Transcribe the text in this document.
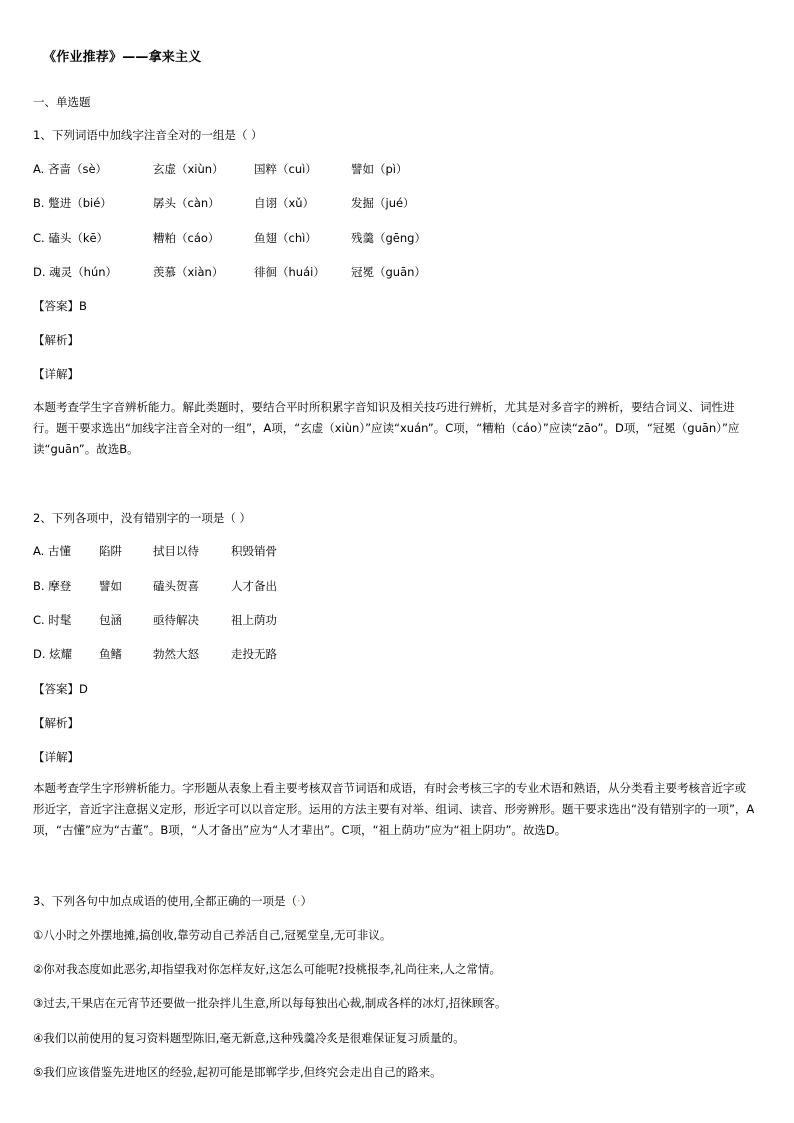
《作业推荐》——拿来主义
一、单选题
1、下列词语中加线字注音全对的一组是（ ）
A. 吝啬（sè）	玄虚（xiùn）	国粹（cuì）	譬如（pì）
B. 蹩进（bié）	孱头（càn）	自诩（xǔ）	发掘（jué）
C. 磕头（kē）	糟粕（cáo）	鱼翅（chì）	残羹（gēng）
D. 魂灵（hún）	羡慕（xiàn）	徘徊（huái） 冠冕（guān）
【答案】B
【解析】
【详解】

本题考查学生字音辨析能力。解此类题时，要结合平时所积累字音知识及相关技巧进行辨析，尤其是对多音字的辨析，要结合词义、词性进行。题干要求选出“加线字注音全对的一组”，A项，“玄虚（xiùn）”应读“xuán”。C项，“糟粕（cáo）”应读“zāo”。D项，“冠冕（guān）”应读“guān”。故选B。

2、下列各项中，没有错别字的一项是（ ）
A. 古懂 陷阱	拭目以待	积毁销骨
B. 摩登 譬如	磕头贺喜	人才备出
C. 时髦 包涵	亟待解决	祖上荫功
D. 炫耀 鱼鳍	勃然大怒	走投无路
【答案】D
【解析】
【详解】

本题考查学生字形辨析能力。字形题从表象上看主要考核双音节词语和成语，有时会考核三字的专业术语和熟语，从分类看主要考核音近字或形近字，音近字注意据义定形，形近字可以以音定形。运用的方法主要有对举、组词、读音、形旁辨形。题干要求选出“没有错别字的一项”，A项，“古懂”应为“古董”。B项，“人才备出”应为“人才辈出”。C项，“祖上荫功”应为“祖上阴功”。故选D。

3、下列各句中加点成语的使用,全都正确的一项是（·）
①八小时之外摆地摊,搞创收,靠劳动自己养活自己,冠冕堂皇,无可非议。
②你对我态度如此恶劣,却指望我对你怎样友好,这怎么可能呢?投桃报李,礼尚往来,人之常情。
③过去,干果店在元宵节还要做一批杂拌儿生意,所以每每独出心裁,制成各样的冰灯,招徕顾客。
④我们以前使用的复习资料题型陈旧,毫无新意,这种残羹冷炙是很难保证复习质量的。
⑤我们应该借鉴先进地区的经验,起初可能是邯郸学步,但终究会走出自己的路来。
